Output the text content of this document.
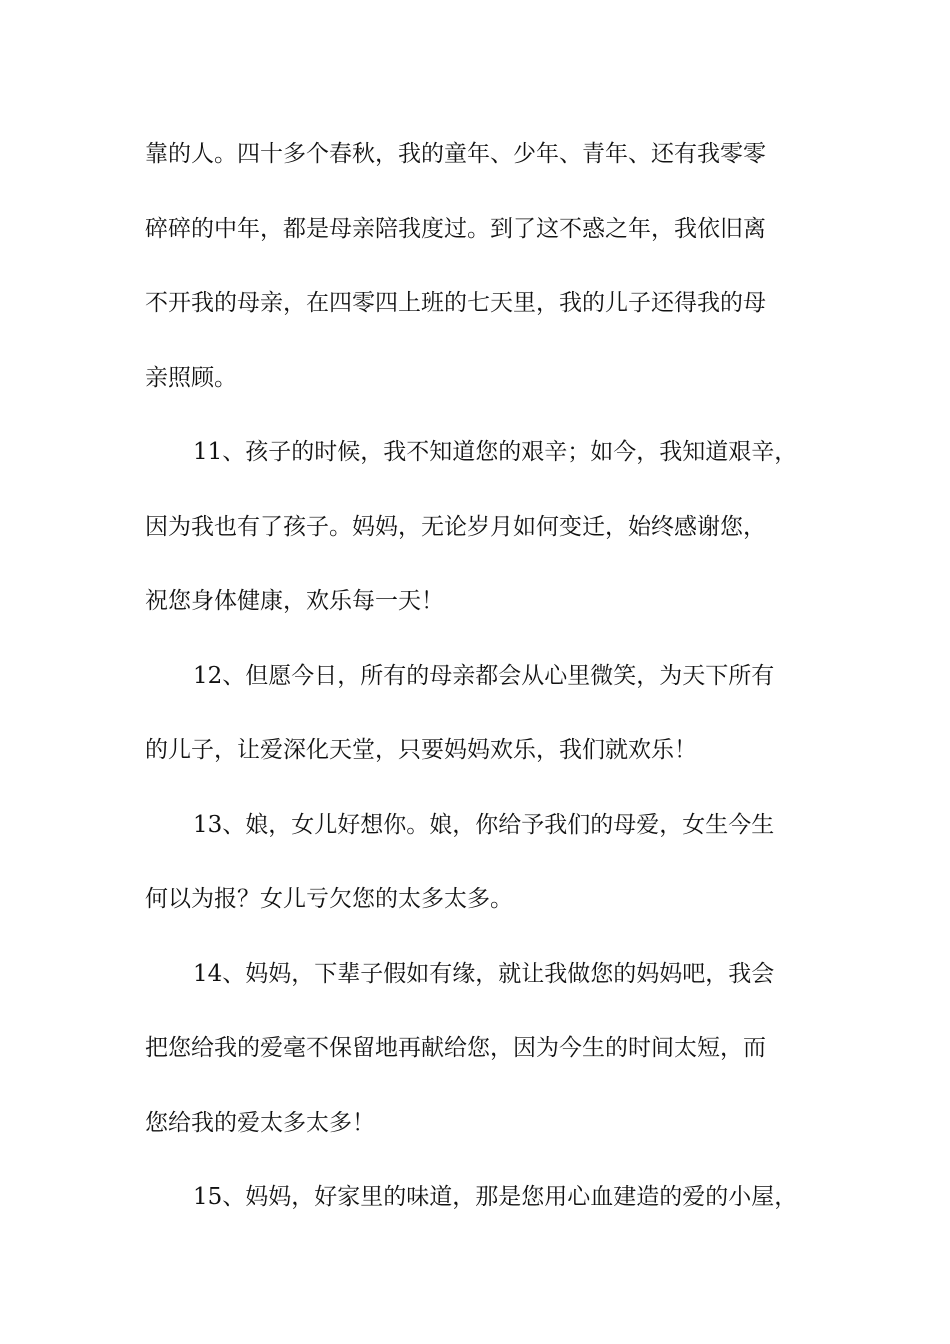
靠的人。四十多个春秋，我的童年、少年、青年、还有我零零
碎碎的中年，都是母亲陪我度过。到了这不惑之年，我依旧离
不开我的母亲，在四零四上班的七天里，我的儿子还得我的母
亲照顾。
11、孩子的时候，我不知道您的艰辛；如今，我知道艰辛，
因为我也有了孩子。妈妈，无论岁月如何变迁，始终感谢您，
祝您身体健康，欢乐每一天！
12、但愿今日，所有的母亲都会从心里微笑，为天下所有
的儿子，让爱深化天堂，只要妈妈欢乐，我们就欢乐！
13、娘，女儿好想你。娘，你给予我们的母爱，女生今生
何以为报？女儿亏欠您的太多太多。
14、妈妈，下辈子假如有缘，就让我做您的妈妈吧，我会
把您给我的爱毫不保留地再献给您，因为今生的时间太短，而
您给我的爱太多太多！
15、妈妈，好家里的味道，那是您用心血建造的爱的小屋，
